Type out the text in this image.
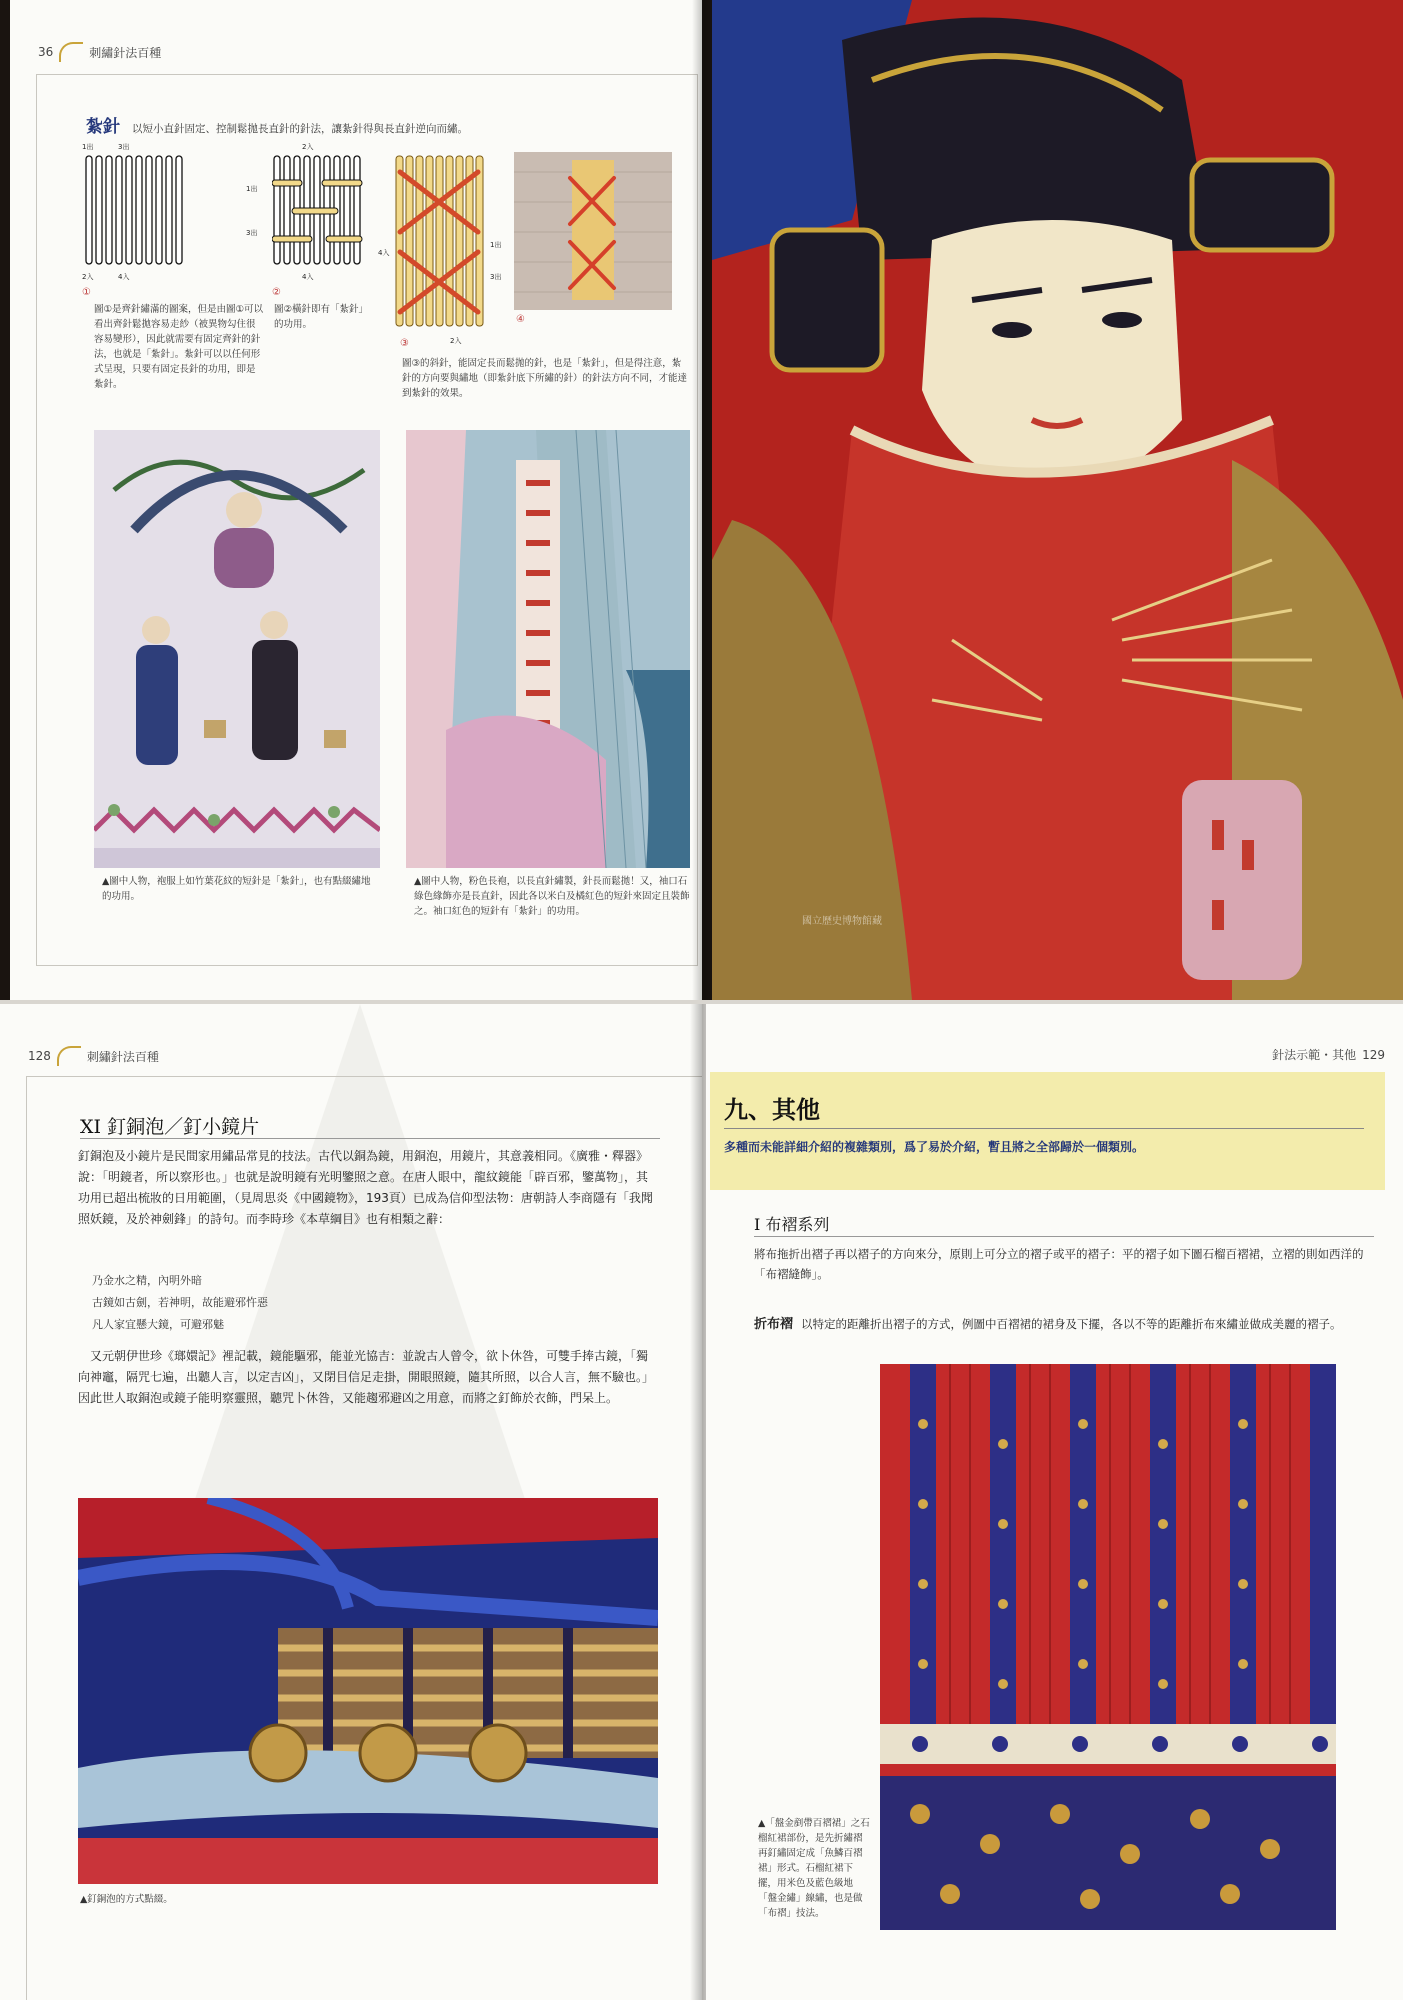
36	刺繡針法百種
紮針 以短小直針固定、控制鬆拋長直針的針法，讓紮針得與長直針逆向而繡。
1出	3出
2入	4入
①

圖①是齊針繡滿的圖案，但是由圖①可以看出齊針鬆拋容易走紗（被異物勾住很容易變形），因此就需要有固定齊針的針法，也就是「紮針」。紮針可以以任何形式呈現，只要有固定長針的功用，即是紮針。

2入
1出
3出
4入
②

圖②橫針即有「紮針」的功用。

4入
1出
3出
2入
③
④

圖③的斜針，能固定長而鬆拋的針，也是「紮針」，但是得注意，紮針的方向要與繡地（即紮針底下所繡的針）的針法方向不同，才能達到紮針的效果。

▲圖中人物，袍服上如竹葉花紋的短針是「紮針」，也有點綴繡地的功用。

▲圖中人物，粉色長袍，以長直針繡製，針長而鬆拋！又，袖口石綠色緣飾亦是長直針，因此各以米白及橘紅色的短針來固定且裝飾之。袖口紅色的短針有「紮針」的功用。

國立歷史博物館藏
128	刺繡針法百種
XI 釘銅泡／釘小鏡片

釘銅泡及小鏡片是民間家用繡品常見的技法。古代以銅為鏡，用銅泡，用鏡片，其意義相同。《廣雅・釋器》說：「明鏡者，所以察形也。」也就是說明鏡有光明鑒照之意。在唐人眼中，龍紋鏡能「辟百邪，鑒萬物」，其功用已超出梳妝的日用範圍，（見周思炎《中國鏡物》，193頁）已成為信仰型法物：唐朝詩人李商隱有「我聞照妖鏡，及於神劍鋒」的詩句。而李時珍《本草綱目》也有相類之辭：

乃金水之精，內明外暗
古鏡如古劍，若神明，故能避邪忤惡
凡人家宜懸大鏡，可避邪魅

又元朝伊世珍《瑯嬛記》裡記載，鏡能驅邪，能並光協吉：並說古人曾令，欲卜休咎，可雙手捧古鏡，「獨向神竈，隔咒七遍，出聽人言，以定吉凶」，又閉目信足走掛，開眼照鏡，隨其所照，以合人言，無不驗也。」因此世人取銅泡或鏡子能明察靈照，聽咒卜休咎，又能趨邪避凶之用意，而將之釘飾於衣飾，門呆上。

▲釘銅泡的方式點綴。

針法示範・其他 129
九、其他

多種而未能詳細介紹的複雜類別，爲了易於介紹，暫且將之全部歸於一個類別。

I 布褶系列

將布拖折出褶子再以褶子的方向來分，原則上可分立的褶子或平的褶子：平的褶子如下圖石榴百褶裙，立褶的則如西洋的「布褶縫飾」。

折布褶 以特定的距離折出褶子的方式，例圖中百褶裙的裙身及下擺，各以不等的距離折布來繡並做成美麗的褶子。

▲「盤金剷帶百褶裙」之石榴紅裙部份，是先折繡褶再釘繡固定成「魚鱗百褶裙」形式。石榴紅裙下擺，用米色及藍色級地「盤金繡」線繡，也是做「布褶」技法。
